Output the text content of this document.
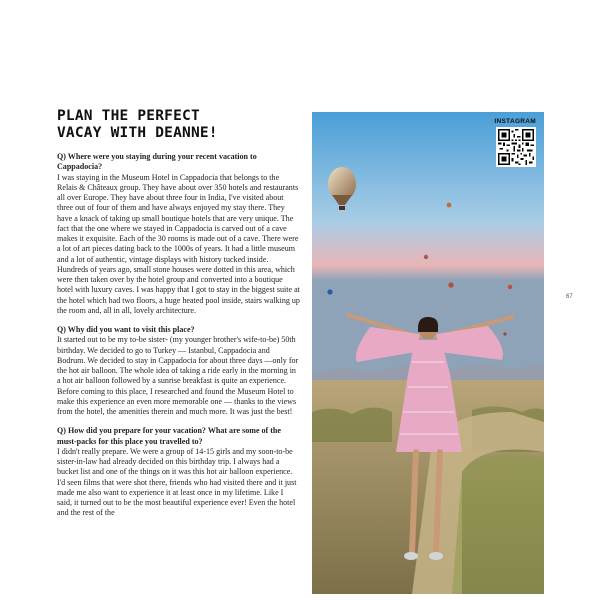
PLAN THE PERFECT
VACAY WITH DEANNE!

Q) Where were you staying during your recent vacation to Cappadocia?

I was staying in the Museum Hotel in Cappadocia that belongs to the Relais & Châteaux group. They have about over 350 hotels and restaurants all over Europe. They have about three four in India, I've visited about three out of four of them and have always enjoyed my stay there. They have a knack of taking up small boutique hotels that are very unique. The fact that the one where we stayed in Cappadocia is carved out of a cave makes it exquisite. Each of the 30 rooms is made out of a cave. There were a lot of art pieces dating back to the 1000s of years. It had a little museum and a lot of authentic, vintage displays with history tucked inside. Hundreds of years ago, small stone houses were dotted in this area, which were then taken over by the hotel group and converted into a boutique hotel with luxury caves. I was happy that I got to stay in the biggest suite at the hotel which had two floors, a huge heated pool inside, stairs walking up the room and, all in all, lovely architecture.

Q) Why did you want to visit this place?

It started out to be my to-be sister- (my younger brother's wife-to-be) 50th birthday. We decided to go to Turkey — Istanbul, Cappadocia and Bodrum. We decided to stay in Cappadocia for about three days —only for the hot air balloon. The whole idea of taking a ride early in the morning in a hot air balloon followed by a sunrise breakfast is quite an experience. Before coming to this place, I researched and found the Museum Hotel to make this experience an even more memorable one — thanks to the views from the hotel, the amenities therein and much more. It was just the best!

Q) How did you prepare for your vacation? What are some of the must-packs for this place you travelled to?

I didn't really prepare. We were a group of 14-15 girls and my soon-to-be sister-in-law had already decided on this birthday trip. I always had a bucket list and one of the things on it was this hot air balloon experience. I'd seen films that were shot there, friends who had visited there and it just made me also want to experience it at least once in my lifetime. Like I said, it turned out to be the most beautiful experience ever! Even the hotel and the rest of the

INSTAGRAM
67
